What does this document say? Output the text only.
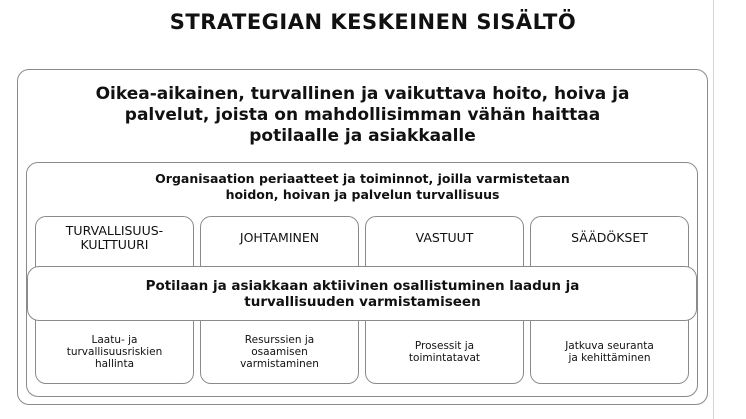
STRATEGIAN KESKEINEN SISÄLTÖ
Oikea-aikainen, turvallinen ja vaikuttava hoito, hoiva ja
palvelut, joista on mahdollisimman vähän haittaa
potilaalle ja asiakkaalle
Organisaation periaatteet ja toiminnot, joilla varmistetaan
hoidon, hoivan ja palvelun turvallisuus
TURVALLISUUS-
KULTTUURI
Laatu- ja
turvallisuusriskien
hallinta
JOHTAMINEN
Resurssien ja
osaamisen
varmistaminen
VASTUUT
Prosessit ja
toimintatavat
SÄÄDÖKSET
Jatkuva seuranta
ja kehittäminen
Potilaan ja asiakkaan aktiivinen osallistuminen laadun ja
turvallisuuden varmistamiseen
